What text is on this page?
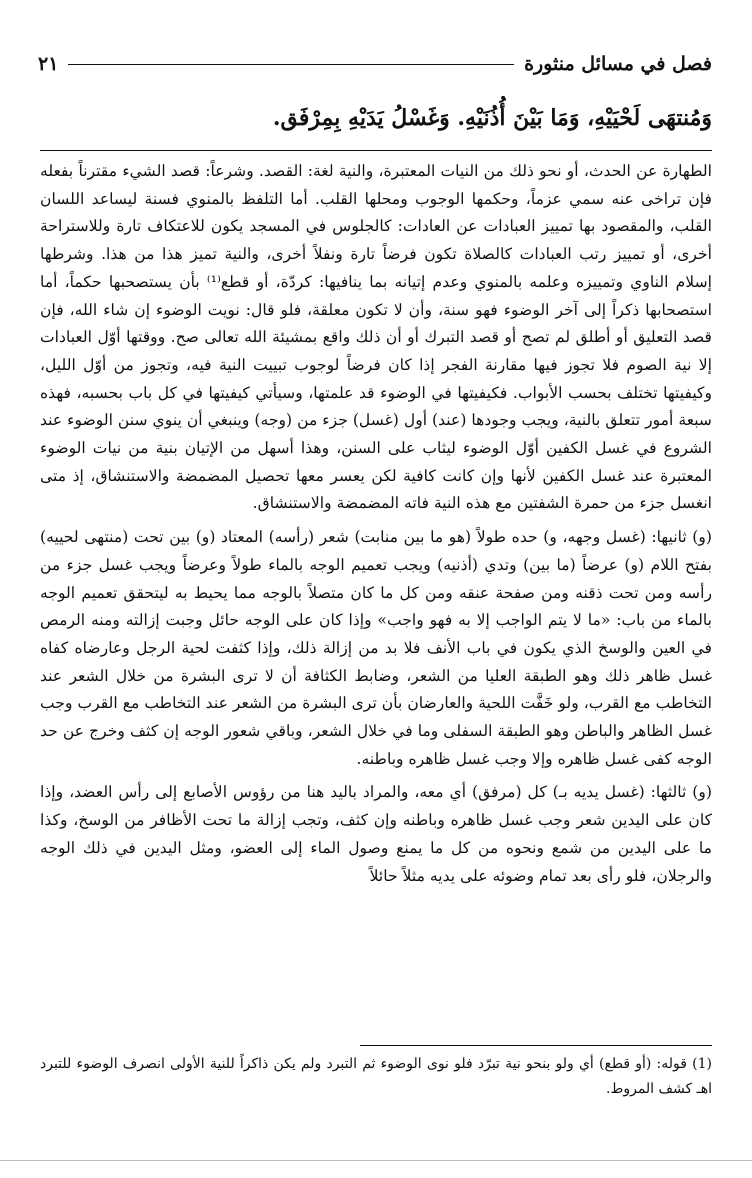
فصل في مسائل منثورة
٢١
وَمُنتهَى لَحْيَيْهِ، وَمَا بَيْنَ أُذُنَيْهِ. وَغَسْلُ يَدَيْهِ بِمِرْفَق.

الطهارة عن الحدث، أو نحو ذلك من النيات المعتبرة، والنية لغة: القصد. وشرعاً: قصد الشيء مقترناً بفعله فإن تراخى عنه سمي عزماً، وحكمها الوجوب ومحلها القلب. أما التلفظ بالمنوي فسنة ليساعد اللسان القلب، والمقصود بها تمييز العبادات عن العادات: كالجلوس في المسجد يكون للاعتكاف تارة وللاستراحة أخرى، أو تمييز رتب العبادات كالصلاة تكون فرضاً تارة ونفلاً أخرى، والنية تميز هذا من هذا. وشرطها إسلام الناوي وتمييزه وعلمه بالمنوي وعدم إتيانه بما ينافيها: كردّة، أو قطع⁽¹⁾ بأن يستصحبها حكماً، أما استصحابها ذكراً إلى آخر الوضوء فهو سنة، وأن لا تكون معلقة، فلو قال: نويت الوضوء إن شاء الله، فإن قصد التعليق أو أطلق لم تصح أو قصد التبرك أو أن ذلك واقع بمشيئة الله تعالى صح. ووقتها أوّل العبادات إلا نية الصوم فلا تجوز فيها مقارنة الفجر إذا كان فرضاً لوجوب تبييت النية فيه، وتجوز من أوّل الليل، وكيفيتها تختلف بحسب الأبواب. فكيفيتها في الوضوء قد علمتها، وسيأتي كيفيتها في كل باب بحسبه، فهذه سبعة أمور تتعلق بالنية، ويجب وجودها (عند) أول (غسل) جزء من (وجه) وينبغي أن ينوي سنن الوضوء عند الشروع في غسل الكفين أوّل الوضوء ليثاب على السنن، وهذا أسهل من الإتيان بنية من نيات الوضوء المعتبرة عند غسل الكفين لأنها وإن كانت كافية لكن يعسر معها تحصيل المضمضة والاستنشاق، إذ متى انغسل جزء من حمرة الشفتين مع هذه النية فاته المضمضة والاستنشاق.

(و) ثانيها: (غسل وجهه، و) حده طولاً (هو ما بين منابت) شعر (رأسه) المعتاد (و) بين تحت (منتهى لحييه) بفتح اللام (و) عرضاً (ما بين) وتدي (أذنيه) ويجب تعميم الوجه بالماء طولاً وعرضاً ويجب غسل جزء من رأسه ومن تحت ذقنه ومن صفحة عنقه ومن كل ما كان متصلاً بالوجه مما يحيط به ليتحقق تعميم الوجه بالماء من باب: «ما لا يتم الواجب إلا به فهو واجب» وإذا كان على الوجه حائل وجبت إزالته ومنه الرمص في العين والوسخ الذي يكون في باب الأنف فلا بد من إزالة ذلك، وإذا كثفت لحية الرجل وعارضاه كفاه غسل ظاهر ذلك وهو الطبقة العليا من الشعر، وضابط الكثافة أن لا ترى البشرة من خلال الشعر عند التخاطب مع القرب، ولو خَفَّت اللحية والعارضان بأن ترى البشرة من الشعر عند التخاطب مع القرب وجب غسل الظاهر والباطن وهو الطبقة السفلى وما في خلال الشعر، وباقي شعور الوجه إن كثف وخرج عن حد الوجه كفى غسل ظاهره وإلا وجب غسل ظاهره وباطنه.

(و) ثالثها: (غسل يديه بـ) كل (مرفق) أي معه، والمراد باليد هنا من رؤوس الأصابع إلى رأس العضد، وإذا كان على اليدين شعر وجب غسل ظاهره وباطنه وإن كثف، وتجب إزالة ما تحت الأظافر من الوسخ، وكذا ما على اليدين من شمع ونحوه من كل ما يمنع وصول الماء إلى العضو، ومثل اليدين في ذلك الوجه والرجلان، فلو رأى بعد تمام وضوئه على يديه مثلاً حائلاً

(1) قوله: (أو قطع) أي ولو بنحو نية تبرّد فلو نوى الوضوء ثم التبرد ولم يكن ذاكراً للنية الأولى انصرف الوضوء للتبرد اهـ كشف المروط.
